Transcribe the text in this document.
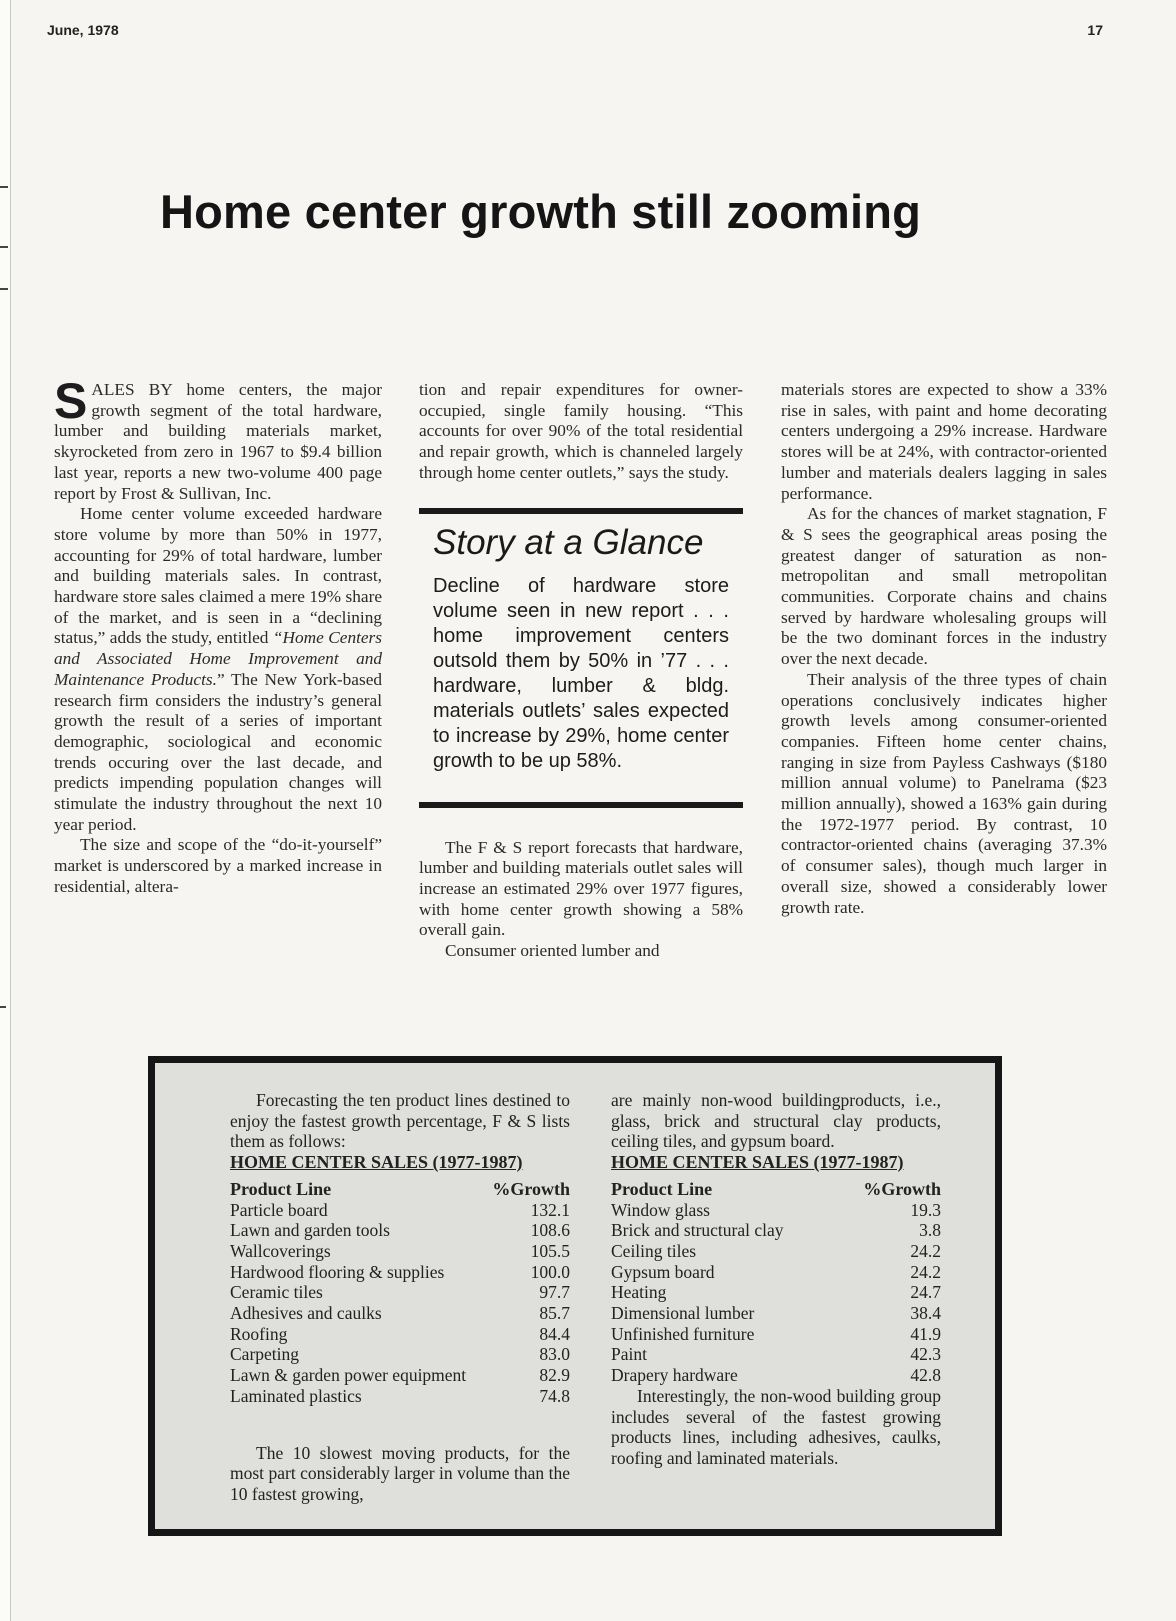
June, 1978	17
Home center growth still zooming

SALES BY home centers, the major growth segment of the total hardware, lumber and building materials market, skyrocketed from zero in 1967 to $9.4 billion last year, reports a new two-volume 400 page report by Frost & Sullivan, Inc.

Home center volume exceeded hardware store volume by more than 50% in 1977, accounting for 29% of total hardware, lumber and building materials sales. In contrast, hardware store sales claimed a mere 19% share of the market, and is seen in a “declining status,” adds the study, entitled “Home Centers and Associated Home Improvement and Maintenance Products.” The New York-based research firm considers the industry’s general growth the result of a series of important demographic, sociological and economic trends occuring over the last decade, and predicts impending population changes will stimulate the industry throughout the next 10 year period.

The size and scope of the “do-it-yourself” market is underscored by a marked increase in residential, altera-

tion and repair expenditures for owner-occupied, single family housing. “This accounts for over 90% of the total residential and repair growth, which is channeled largely through home center outlets,” says the study.

Story at a Glance
Decline of hardware store volume seen in new report . . . home improvement centers outsold them by 50% in ’77 . . . hardware, lumber & bldg. materials outlets’ sales expected to increase by 29%, home center growth to be up 58%.

The F & S report forecasts that hardware, lumber and building materials outlet sales will increase an estimated 29% over 1977 figures, with home center growth showing a 58% overall gain.

Consumer oriented lumber and

materials stores are expected to show a 33% rise in sales, with paint and home decorating centers undergoing a 29% increase. Hardware stores will be at 24%, with contractor-oriented lumber and materials dealers lagging in sales performance.

As for the chances of market stagnation, F & S sees the geographical areas posing the greatest danger of saturation as non-metropolitan and small metropolitan communities. Corporate chains and chains served by hardware wholesaling groups will be the two dominant forces in the industry over the next decade.

Their analysis of the three types of chain operations conclusively indicates higher growth levels among consumer-oriented companies. Fifteen home center chains, ranging in size from Payless Cashways ($180 million annual volume) to Panelrama ($23 million annually), showed a 163% gain during the 1972-1977 period. By contrast, 10 contractor-oriented chains (averaging 37.3% of consumer sales), though much larger in overall size, showed a considerably lower growth rate.

Forecasting the ten product lines destined to enjoy the fastest growth percentage, F & S lists them as follows:

HOME CENTER SALES (1977-1987)
Product Line	%Growth
Particle board	132.1
Lawn and garden tools	108.6
Wallcoverings	105.5
Hardwood flooring & supplies	100.0
Ceramic tiles	97.7
Adhesives and caulks	85.7
Roofing	84.4
Carpeting	83.0
Lawn & garden power equipment	82.9
Laminated plastics	74.8

The 10 slowest moving products, for the most part considerably larger in volume than the 10 fastest growing,

are mainly non-wood buildingproducts, i.e., glass, brick and structural clay products, ceiling tiles, and gypsum board.

HOME CENTER SALES (1977-1987)
Product Line	%Growth
Window glass	19.3
Brick and structural clay	3.8
Ceiling tiles	24.2
Gypsum board	24.2
Heating	24.7
Dimensional lumber	38.4
Unfinished furniture	41.9
Paint	42.3
Drapery hardware	42.8

Interestingly, the non-wood building group includes several of the fastest growing products lines, including adhesives, caulks, roofing and laminated materials.
